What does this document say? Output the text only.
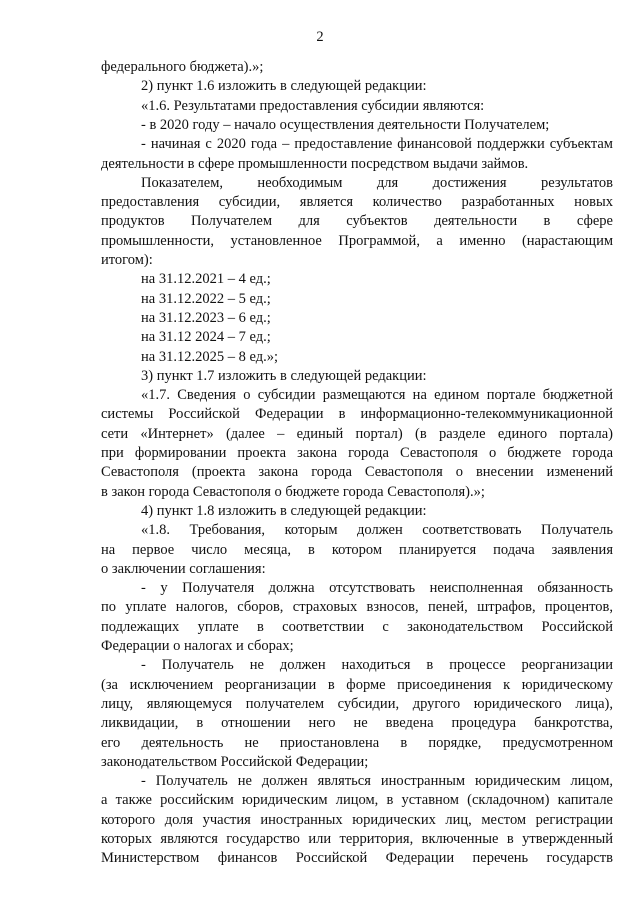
2
федерального бюджета).»;
2) пункт 1.6 изложить в следующей редакции:
«1.6. Результатами предоставления субсидии являются:
- в 2020 году – начало осуществления деятельности Получателем;
- начиная с 2020 года – предоставление финансовой поддержки субъектам
деятельности в сфере промышленности посредством выдачи займов.
Показателем, необходимым для достижения результатов
предоставления субсидии, является количество разработанных новых
продуктов Получателем для субъектов деятельности в сфере
промышленности, установленное Программой, а именно (нарастающим
итогом):
на 31.12.2021 – 4 ед.;
на 31.12.2022 – 5 ед.;
на 31.12.2023 – 6 ед.;
на 31.12 2024 – 7 ед.;
на 31.12.2025 – 8 ед.»;
3) пункт 1.7 изложить в следующей редакции:
«1.7. Сведения о субсидии размещаются на едином портале бюджетной
системы Российской Федерации в информационно-телекоммуникационной
сети «Интернет» (далее – единый портал) (в разделе единого портала)
при формировании проекта закона города Севастополя о бюджете города
Севастополя (проекта закона города Севастополя о внесении изменений
в закон города Севастополя о бюджете города Севастополя).»;
4) пункт 1.8 изложить в следующей редакции:
«1.8. Требования, которым должен соответствовать Получатель
на первое число месяца, в котором планируется подача заявления
о заключении соглашения:
- у Получателя должна отсутствовать неисполненная обязанность
по уплате налогов, сборов, страховых взносов, пеней, штрафов, процентов,
подлежащих уплате в соответствии с законодательством Российской
Федерации о налогах и сборах;
- Получатель не должен находиться в процессе реорганизации
(за исключением реорганизации в форме присоединения к юридическому
лицу, являющемуся получателем субсидии, другого юридического лица),
ликвидации, в отношении него не введена процедура банкротства,
его деятельность не приостановлена в порядке, предусмотренном
законодательством Российской Федерации;
- Получатель не должен являться иностранным юридическим лицом,
а также российским юридическим лицом, в уставном (складочном) капитале
которого доля участия иностранных юридических лиц, местом регистрации
которых являются государство или территория, включенные в утвержденный
Министерством финансов Российской Федерации перечень государств
